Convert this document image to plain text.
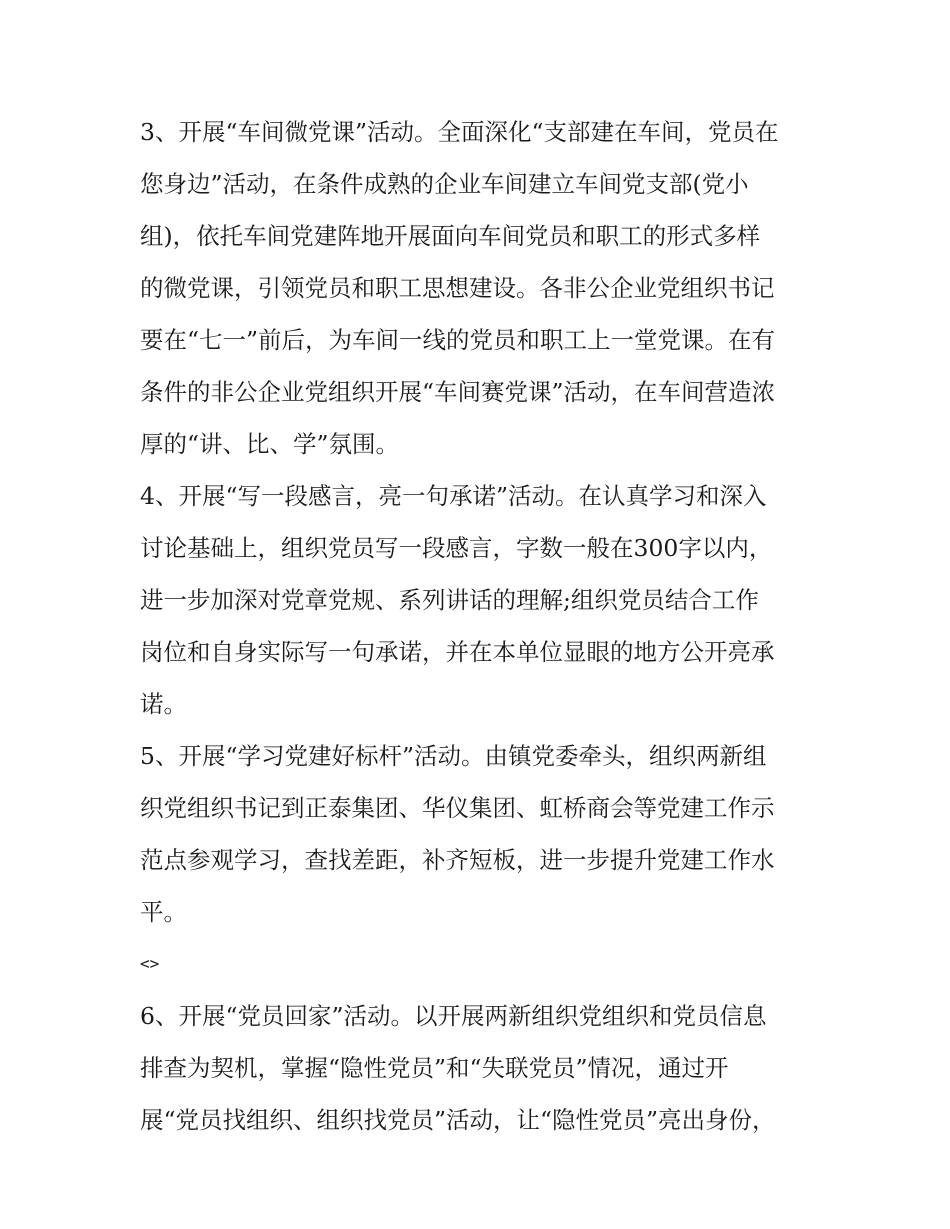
3、开展“车间微党课”活动。全面深化“支部建在车间，党员在
您身边”活动，在条件成熟的企业车间建立车间党支部(党小
组)，依托车间党建阵地开展面向车间党员和职工的形式多样
的微党课，引领党员和职工思想建设。各非公企业党组织书记
要在“七一”前后，为车间一线的党员和职工上一堂党课。在有
条件的非公企业党组织开展“车间赛党课”活动，在车间营造浓
厚的“讲、比、学”氛围。
4、开展“写一段感言，亮一句承诺”活动。在认真学习和深入
讨论基础上，组织党员写一段感言，字数一般在300字以内，
进一步加深对党章党规、系列讲话的理解;组织党员结合工作
岗位和自身实际写一句承诺，并在本单位显眼的地方公开亮承
诺。
5、开展“学习党建好标杆”活动。由镇党委牵头，组织两新组
织党组织书记到正泰集团、华仪集团、虹桥商会等党建工作示
范点参观学习，查找差距，补齐短板，进一步提升党建工作水
平。
<>
6、开展“党员回家”活动。以开展两新组织党组织和党员信息
排查为契机，掌握“隐性党员”和“失联党员”情况，通过开
展“党员找组织、组织找党员”活动，让“隐性党员”亮出身份，
